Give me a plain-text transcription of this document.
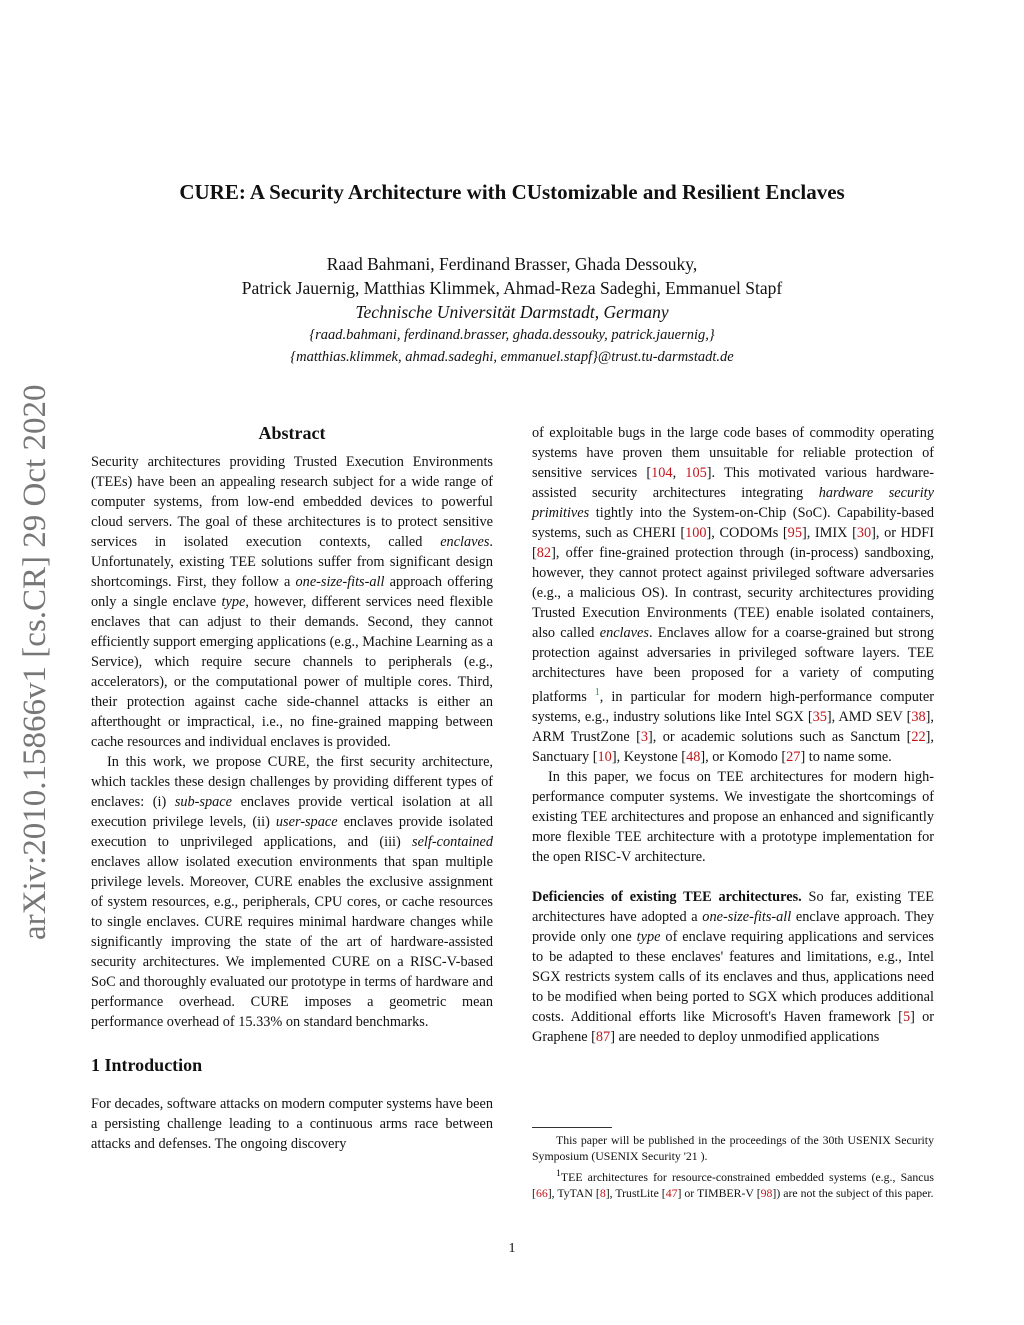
arXiv:2010.15866v1 [cs.CR] 29 Oct 2020
CURE: A Security Architecture with CUstomizable and Resilient Enclaves
Raad Bahmani, Ferdinand Brasser, Ghada Dessouky,
Patrick Jauernig, Matthias Klimmek, Ahmad-Reza Sadeghi, Emmanuel Stapf
Technische Universität Darmstadt, Germany
{raad.bahmani, ferdinand.brasser, ghada.dessouky, patrick.jauernig,}
{matthias.klimmek, ahmad.sadeghi, emmanuel.stapf}@trust.tu-darmstadt.de
Abstract

Security architectures providing Trusted Execution Environments (TEEs) have been an appealing research subject for a wide range of computer systems, from low-end embedded devices to powerful cloud servers. The goal of these architectures is to protect sensitive services in isolated execution contexts, called enclaves. Unfortunately, existing TEE solutions suffer from significant design shortcomings. First, they follow a one-size-fits-all approach offering only a single enclave type, however, different services need flexible enclaves that can adjust to their demands. Second, they cannot efficiently support emerging applications (e.g., Machine Learning as a Service), which require secure channels to peripherals (e.g., accelerators), or the computational power of multiple cores. Third, their protection against cache side-channel attacks is either an afterthought or impractical, i.e., no fine-grained mapping between cache resources and individual enclaves is provided.

In this work, we propose CURE, the first security architecture, which tackles these design challenges by providing different types of enclaves: (i) sub-space enclaves provide vertical isolation at all execution privilege levels, (ii) user-space enclaves provide isolated execution to unprivileged applications, and (iii) self-contained enclaves allow isolated execution environments that span multiple privilege levels. Moreover, CURE enables the exclusive assignment of system resources, e.g., peripherals, CPU cores, or cache resources to single enclaves. CURE requires minimal hardware changes while significantly improving the state of the art of hardware-assisted security architectures. We implemented CURE on a RISC-V-based SoC and thoroughly evaluated our prototype in terms of hardware and performance overhead. CURE imposes a geometric mean performance overhead of 15.33% on standard benchmarks.

1 Introduction

For decades, software attacks on modern computer systems have been a persisting challenge leading to a continuous arms race between attacks and defenses. The ongoing discovery

of exploitable bugs in the large code bases of commodity operating systems have proven them unsuitable for reliable protection of sensitive services [104, 105]. This motivated various hardware-assisted security architectures integrating hardware security primitives tightly into the System-on-Chip (SoC). Capability-based systems, such as CHERI [100], CODOMs [95], IMIX [30], or HDFI [82], offer fine-grained protection through (in-process) sandboxing, however, they cannot protect against privileged software adversaries (e.g., a malicious OS). In contrast, security architectures providing Trusted Execution Environments (TEE) enable isolated containers, also called enclaves. Enclaves allow for a coarse-grained but strong protection against adversaries in privileged software layers. TEE architectures have been proposed for a variety of computing platforms $^1$, in particular for modern high-performance computer systems, e.g., industry solutions like Intel SGX [35], AMD SEV [38], ARM TrustZone [3], or academic solutions such as Sanctum [22], Sanctuary [10], Keystone [48], or Komodo [27] to name some.

In this paper, we focus on TEE architectures for modern high-performance computer systems. We investigate the shortcomings of existing TEE architectures and propose an enhanced and significantly more flexible TEE architecture with a prototype implementation for the open RISC-V architecture.

Deficiencies of existing TEE architectures. So far, existing TEE architectures have adopted a one-size-fits-all enclave approach. They provide only one type of enclave requiring applications and services to be adapted to these enclaves' features and limitations, e.g., Intel SGX restricts system calls of its enclaves and thus, applications need to be modified when being ported to SGX which produces additional costs. Additional efforts like Microsoft's Haven framework [5] or Graphene [87] are needed to deploy unmodified applications

This paper will be published in the proceedings of the 30th USENIX Security Symposium (USENIX Security '21 ).

$^1$TEE architectures for resource-constrained embedded systems (e.g., Sancus [66], TyTAN [8], TrustLite [47] or TIMBER-V [98]) are not the subject of this paper.

1
